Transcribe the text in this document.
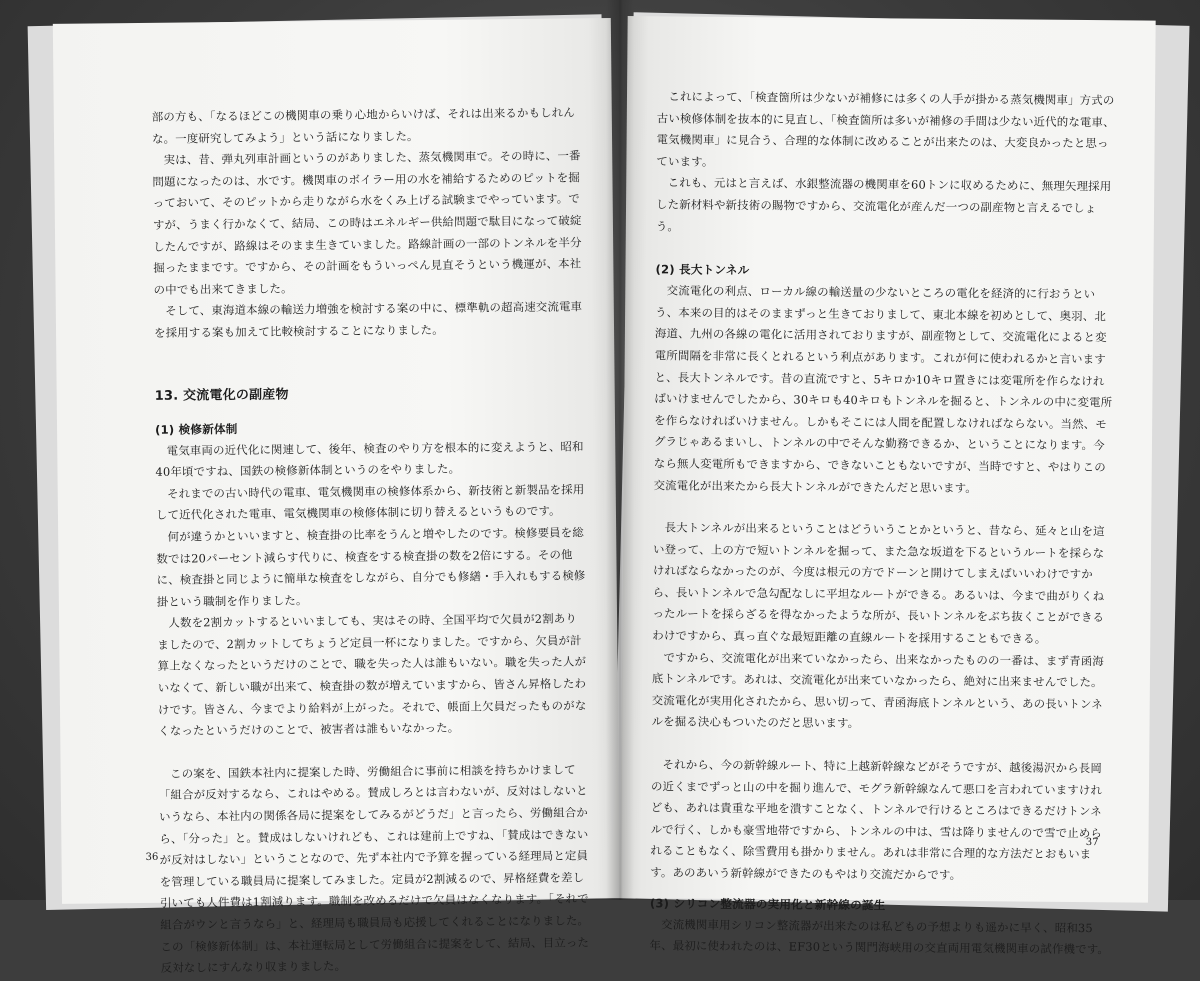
部の方も、「なるほどこの機関車の乗り心地からいけば、それは出来るかもしれんな。一度研究してみよう」という話になりました。

実は、昔、弾丸列車計画というのがありました、蒸気機関車で。その時に、一番問題になったのは、水です。機関車のボイラー用の水を補給するためのピットを掘っておいて、そのピットから走りながら水をくみ上げる試験までやっています。ですが、うまく行かなくて、結局、この時はエネルギー供給問題で駄目になって破綻したんですが、路線はそのまま生きていました。路線計画の一部のトンネルを半分掘ったままです。ですから、その計画をもういっぺん見直そうという機運が、本社の中でも出来てきました。

そして、東海道本線の輸送力増強を検討する案の中に、標準軌の超高速交流電車を採用する案も加えて比較検討することになりました。

13. 交流電化の副産物
(1) 検修新体制

電気車両の近代化に関連して、後年、検査のやり方を根本的に変えようと、昭和40年頃ですね、国鉄の検修新体制というのをやりました。

それまでの古い時代の電車、電気機関車の検修体系から、新技術と新製品を採用して近代化された電車、電気機関車の検修体制に切り替えるというものです。

何が違うかといいますと、検査掛の比率をうんと増やしたのです。検修要員を総数では20パーセント減らす代りに、検査をする検査掛の数を2倍にする。その他に、検査掛と同じように簡単な検査をしながら、自分でも修繕・手入れもする検修掛という職制を作りました。

人数を2割カットするといいましても、実はその時、全国平均で欠員が2割ありましたので、2割カットしてちょうど定員一杯になりました。ですから、欠員が計算上なくなったというだけのことで、職を失った人は誰もいない。職を失った人がいなくて、新しい職が出来て、検査掛の数が増えていますから、皆さん昇格したわけです。皆さん、今までより給料が上がった。それで、帳面上欠員だったものがなくなったというだけのことで、被害者は誰もいなかった。

この案を、国鉄本社内に提案した時、労働組合に事前に相談を持ちかけまして「組合が反対するなら、これはやめる。賛成しろとは言わないが、反対はしないというなら、本社内の関係各局に提案をしてみるがどうだ」と言ったら、労働組合から、「分った」と。賛成はしないけれども、これは建前上ですね、「賛成はできないが反対はしない」ということなので、先ず本社内で予算を握っている経理局と定員を管理している職員局に提案してみました。定員が2割減るので、昇格経費を差し引いても人件費は1割減ります。職制を改めるだけで欠員はなくなります。「それで組合がウンと言うなら」と、経理局も職員局も応援してくれることになりました。この「検修新体制」は、本社運転局として労働組合に提案をして、結局、目立った反対なしにすんなり収まりました。

36

これによって、「検査箇所は少ないが補修には多くの人手が掛かる蒸気機関車」方式の古い検修体制を抜本的に見直し、「検査箇所は多いが補修の手間は少ない近代的な電車、電気機関車」に見合う、合理的な体制に改めることが出来たのは、大変良かったと思っています。

これも、元はと言えば、水銀整流器の機関車を60トンに収めるために、無理矢理採用した新材料や新技術の賜物ですから、交流電化が産んだ一つの副産物と言えるでしょう。

(2) 長大トンネル

交流電化の利点、ローカル線の輸送量の少ないところの電化を経済的に行おうという、本来の目的はそのままずっと生きておりまして、東北本線を初めとして、奥羽、北海道、九州の各線の電化に活用されておりますが、副産物として、交流電化によると変電所間隔を非常に長くとれるという利点があります。これが何に使われるかと言いますと、長大トンネルです。昔の直流ですと、5キロか10キロ置きには変電所を作らなければいけませんでしたから、30キロも40キロもトンネルを掘ると、トンネルの中に変電所を作らなければいけません。しかもそこには人間を配置しなければならない。当然、モグラじゃあるまいし、トンネルの中でそんな勤務できるか、ということになります。今なら無人変電所もできますから、できないこともないですが、当時ですと、やはりこの交流電化が出来たから長大トンネルができたんだと思います。

長大トンネルが出来るということはどういうことかというと、昔なら、延々と山を這い登って、上の方で短いトンネルを掘って、また急な坂道を下るというルートを採らなければならなかったのが、今度は根元の方でドーンと開けてしまえばいいわけですから、長いトンネルで急勾配なしに平坦なルートができる。あるいは、今まで曲がりくねったルートを採らざるを得なかったような所が、長いトンネルをぶち抜くことができるわけですから、真っ直ぐな最短距離の直線ルートを採用することもできる。

ですから、交流電化が出来ていなかったら、出来なかったものの一番は、まず青函海底トンネルです。あれは、交流電化が出来ていなかったら、絶対に出来ませんでした。交流電化が実用化されたから、思い切って、青函海底トンネルという、あの長いトンネルを掘る決心もついたのだと思います。

それから、今の新幹線ルート、特に上越新幹線などがそうですが、越後湯沢から長岡の近くまでずっと山の中を掘り進んで、モグラ新幹線なんて悪口を言われていますけれども、あれは貴重な平地を潰すことなく、トンネルで行けるところはできるだけトンネルで行く、しかも豪雪地帯ですから、トンネルの中は、雪は降りませんので雪で止められることもなく、除雪費用も掛かりません。あれは非常に合理的な方法だとおもいます。あのあいう新幹線ができたのもやはり交流だからです。

(3) シリコン整流器の実用化と新幹線の誕生

交流機関車用シリコン整流器が出来たのは私どもの予想よりも遥かに早く、昭和35年、最初に使われたのは、EF30という関門海峡用の交直両用電気機関車の試作機です。

37
